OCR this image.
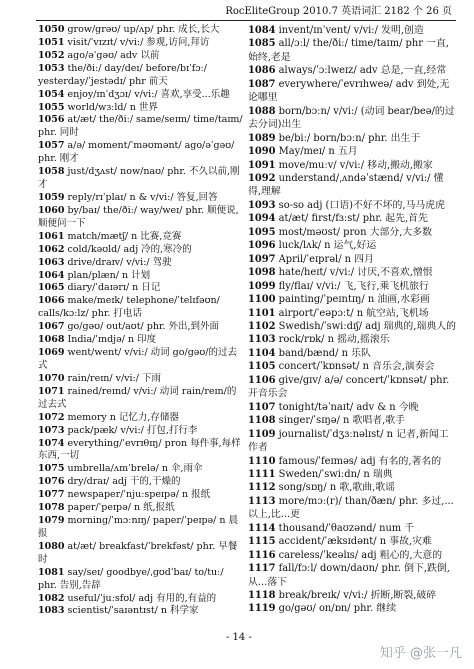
RocEliteGroup 2010.7 英语词汇 2182 个 26 页
1050 grow/grəʊ/ up/ʌp/ phr. 成长,长大
1051 visit/ˈvɪzɪt/ v/vi:/ 参观,访问,拜访
1052 ago/əˈgəʊ/ adv 以前
1053 the/ðiː/ day/deɪ/ before/bɪˈfɔː/ yesterday/ˈjestədɪ/ phr 前天
1054 enjoy/ɪnˈdʒɔɪ/ v/vi:/ 喜欢,享受...乐趣
1055 world/wɜːld/ n 世界
1056 at/æt/ the/ðiː/ same/seɪm/ time/taɪm/ phr. 同时
1057 a/ə/ moment/ˈməʊmənt/ ago/əˈgəʊ/ phr. 刚才
1058 just/dʒʌst/ now/naʊ/ phr. 不久以前,刚才
1059 reply/rɪˈplaɪ/ n & v/vi:/ 答复,回答
1060 by/baɪ/ the/ðiː/ way/weɪ/ phr. 顺便说,顺便问一下
1061 match/mætʃ/ n 比赛,竞赛
1062 cold/kəʊld/ adj 冷的,寒冷的
1063 drive/draɪv/ v/vi:/ 驾驶
1064 plan/plæn/ n 计划
1065 diary/ˈdaɪərɪ/ n 日记
1066 make/meɪk/ telephone/ˈtelɪfəʊn/ calls/kɔːlz/ phr. 打电话
1067 go/gəʊ/ out/aʊt/ phr. 外出,到外面
1068 India/ˈɪndjə/ n 印度
1069 went/went/ v/vi:/ 动词 go/gəʊ/的过去式
1070 rain/reɪn/ v/vi:/ 下雨
1071 rained/reɪnd/ v/vi:/ 动词 rain/reɪn/的过去式
1072 memory n 记忆力,存储器
1073 pack/pæk/ v/vi:/ 打包,打行李
1074 everything/ˈevrɪθɪŋ/ pron 每件事,每样东西,一切
1075 umbrella/ʌmˈbrelə/ n 伞,雨伞
1076 dry/draɪ/ adj 干的,干燥的
1077 newspaper/ˈnjuːspeɪpə/ n 报纸
1078 paper/ˈpeɪpə/ n 纸,报纸
1079 morning/ˈmɔːnɪŋ/ paper/ˈpeɪpə/ n 晨报
1080 at/æt/ breakfast/ˈbrekfəst/ phr. 早餐时
1081 say/seɪ/ goodbye/ˌgʊdˈbaɪ/ to/tuː/ phr. 告别,告辞
1082 useful/ˈjuːsfʊl/ adj 有用的,有益的
1083 scientist/ˈsaɪəntɪst/ n 科学家
1084 invent/ɪnˈvent/ v/vi:/ 发明,创造
1085 all/ɔːl/ the/ðiː/ time/taɪm/ phr 一直,始终,老是
1086 always/ˈɔːlweɪz/ adv 总是,一直,经常
1087 everywhere/ˈevrɪhweə/ adv 到处,无论哪里
1088 born/bɔːn/ v/vi:/ (动词 bear/beə/的过去分词)出生
1089 be/biː/ born/bɔːn/ phr. 出生于
1090 May/meɪ/ n 五月
1091 move/muːv/ v/vi:/ 移动,搬动,搬家
1092 understand/ˌʌndəˈstænd/ v/vi:/ 懂得,理解
1093 so-so adj (口语)不好不坏的,马马虎虎
1094 at/æt/ first/fɜːst/ phr. 起先,首先
1095 most/məʊst/ pron 大部分,大多数
1096 luck/lʌk/ n 运气,好运
1097 April/ˈeɪprəl/ n 四月
1098 hate/heɪt/ v/vi:/ 讨厌,不喜欢,憎恨
1099 fly/flaɪ/ v/vi:/ 飞,飞行,乘飞机旅行
1100 painting/ˈpeɪntɪŋ/ n 油画,水彩画
1101 airport/ˈeəpɔːt/ n 航空站,飞机场
1102 Swedish/ˈswiːdɪʃ/ adj 瑞典的,瑞典人的
1103 rock/rɒk/ n 摇动,摇滚乐
1104 band/bænd/ n 乐队
1105 concert/ˈkɒnsət/ n 音乐会,演奏会
1106 give/gɪv/ a/ə/ concert/ˈkɒnsət/ phr. 开音乐会
1107 tonight/təˈnaɪt/ adv & n 今晚
1108 singer/ˈsɪŋə/ n 歌唱者,歌手
1109 journalist/ˈdʒɜːnəlɪst/ n 记者,新闻工作者
1110 famous/ˈfeɪməs/ adj 有名的,著名的
1111 Sweden/ˈswiːdn/ n 瑞典
1112 song/sɒŋ/ n 歌,歌曲,歌谣
1113 more/mɔː(r)/ than/ðæn/ phr. 多过,...以上,比...更
1114 thousand/ˈθaʊzənd/ num 千
1115 accident/ˈæksɪdənt/ n 事故,灾难
1116 careless/ˈkeəlɪs/ adj 粗心的,大意的
1117 fall/fɔːl/ down/daʊn/ phr. 倒下,跌倒,从...落下
1118 break/breɪk/ v/vi:/ 折断,断裂,破碎
1119 go/gəʊ/ on/ɒn/ phr. 继续
- 14 -
知乎 @张一凡
